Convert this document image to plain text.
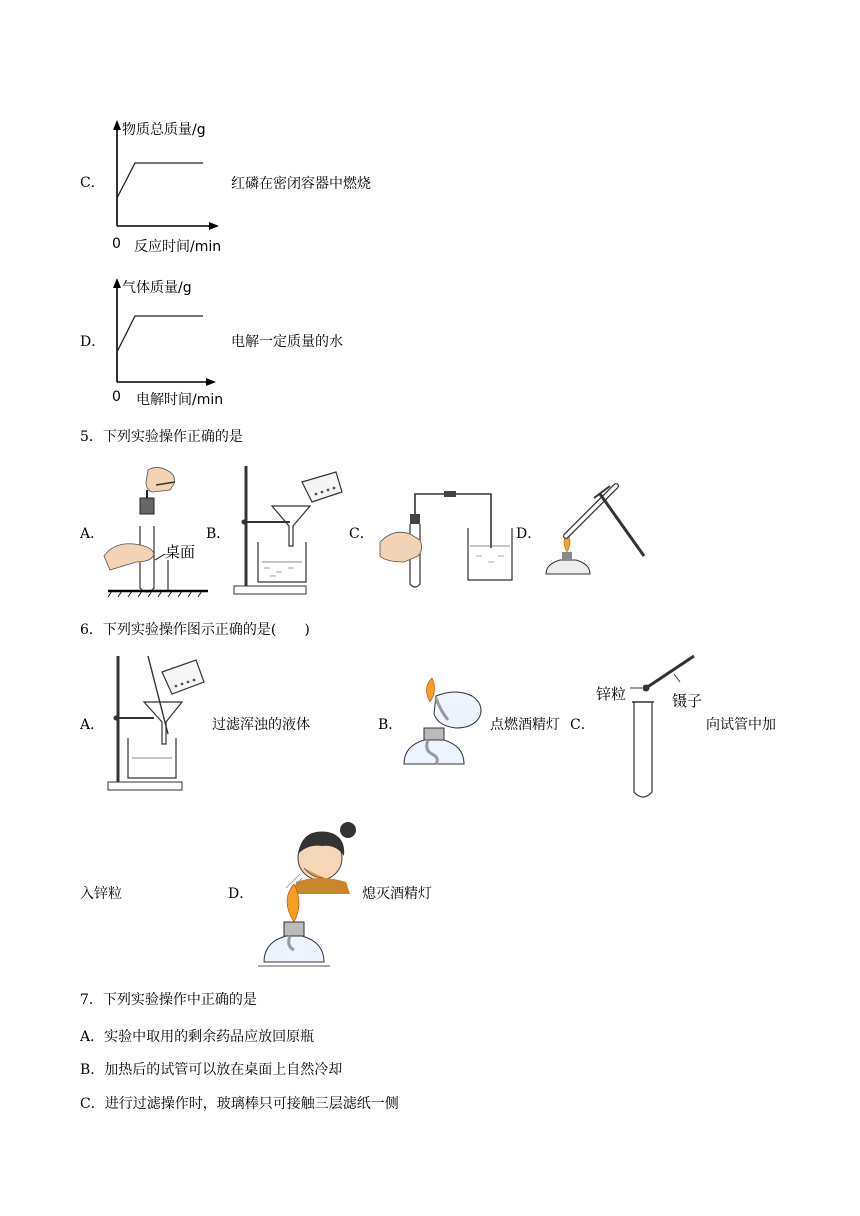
C．
物质总质量/g
0 反应时间/min
红磷在密闭容器中燃烧
D．
气体质量/g
0 电解时间/min
电解一定质量的水
5．下列实验操作正确的是
A．
桌面
B．	C．	D．
6．下列实验操作图示正确的是(　　)
A．	过滤浑浊的液体	B．	点燃酒精灯 C．
锌粒	镊子
向试管中加
入锌粒	D．	熄灭酒精灯
7．下列实验操作中正确的是
A．实验中取用的剩余药品应放回原瓶
B．加热后的试管可以放在桌面上自然冷却
C．进行过滤操作时，玻璃棒只可接触三层滤纸一侧
